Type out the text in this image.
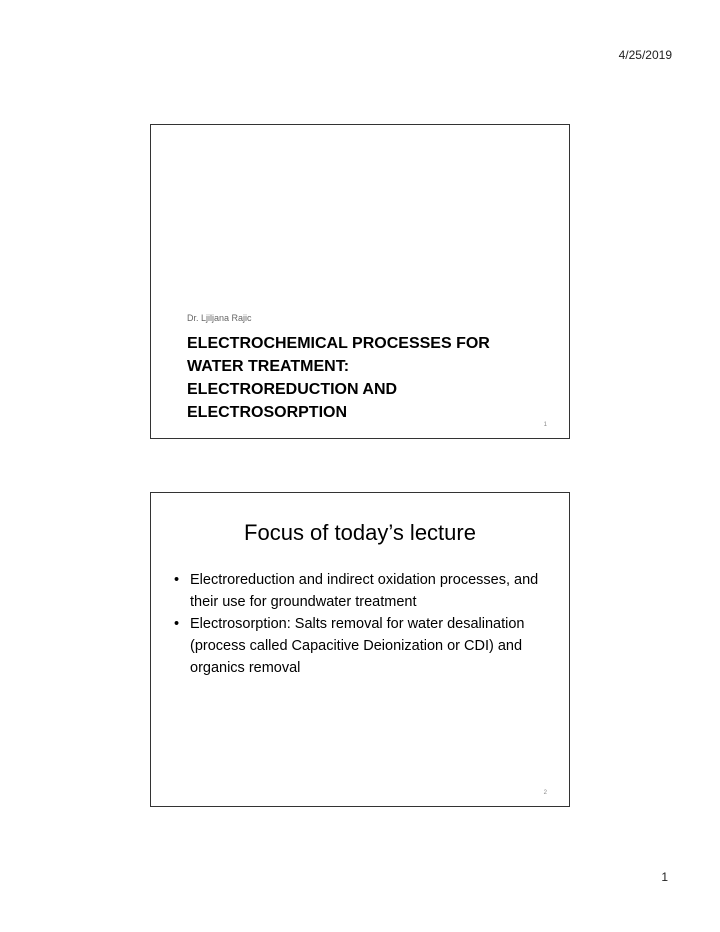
4/25/2019
Dr. Ljiljana Rajic
ELECTROCHEMICAL PROCESSES FOR
WATER TREATMENT:
ELECTROREDUCTION AND
ELECTROSORPTION
1
Focus of today’s lecture
• Electroreduction and indirect oxidation processes, and their use for groundwater treatment
• Electrosorption: Salts removal for water desalination (process called Capacitive Deionization or CDI) and organics removal
2
1
